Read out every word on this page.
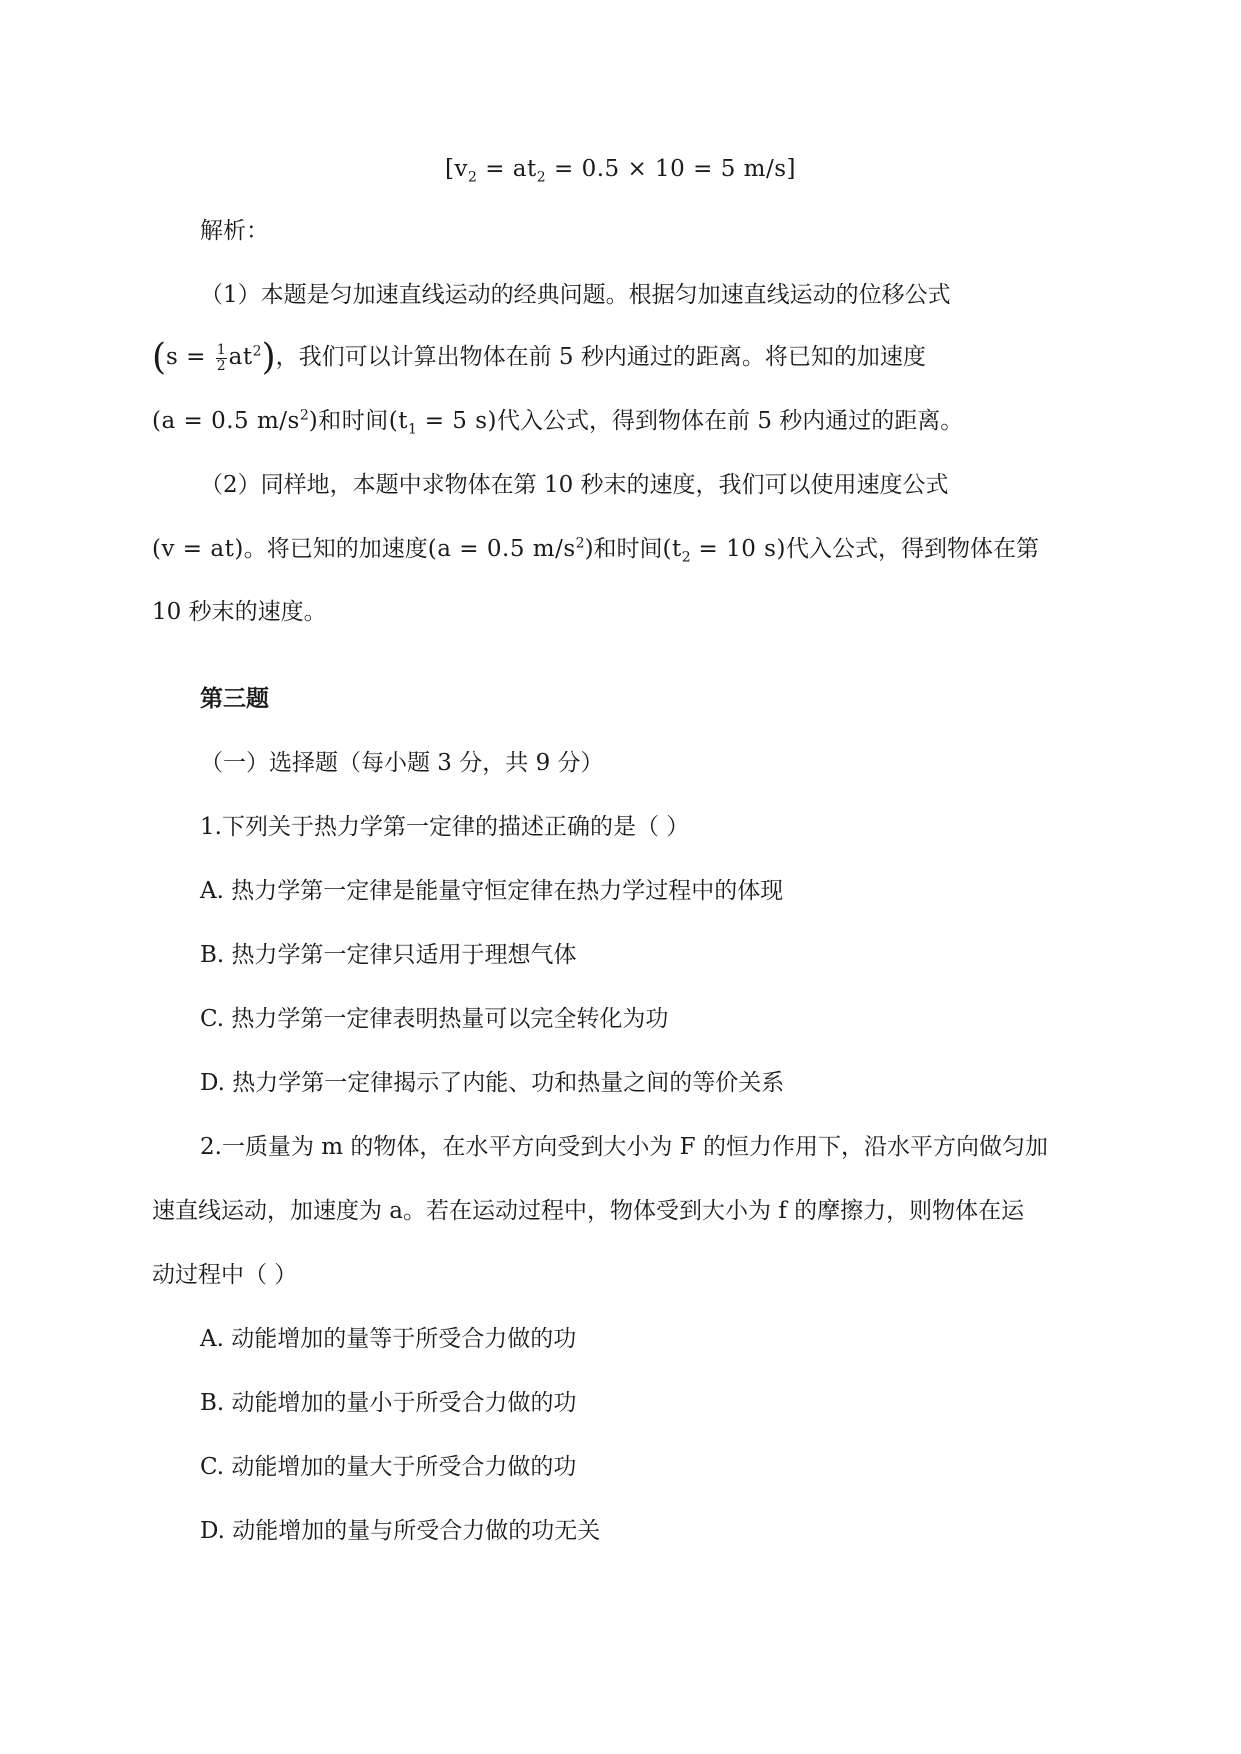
[$v_2 = at_2 = 0.5 \times 10 = 5$ m/s]
解析：
（1）本题是匀加速直线运动的经典问题。根据匀加速直线运动的位移公式
$(s = \frac{1}{2} at^2)$，我们可以计算出物体在前 5 秒内通过的距离。将已知的加速度
(a = 0.5 $m/s^2$)和时间($t_1 = 5$ s)代入公式，得到物体在前 5 秒内通过的距离。
（2）同样地，本题中求物体在第 10 秒末的速度，我们可以使用速度公式
(v = at)。将已知的加速度(a = 0.5 $m/s^2$)和时间($t_2 = 10$ s)代入公式，得到物体在第
10 秒末的速度。
第三题
（一）选择题（每小题 3 分，共 9 分）
1.下列关于热力学第一定律的描述正确的是（ ）
A. 热力学第一定律是能量守恒定律在热力学过程中的体现
B. 热力学第一定律只适用于理想气体
C. 热力学第一定律表明热量可以完全转化为功
D. 热力学第一定律揭示了内能、功和热量之间的等价关系
2.一质量为 m 的物体，在水平方向受到大小为 F 的恒力作用下，沿水平方向做匀加
速直线运动，加速度为 a。若在运动过程中，物体受到大小为 f 的摩擦力，则物体在运
动过程中（ ）
A. 动能增加的量等于所受合力做的功
B. 动能增加的量小于所受合力做的功
C. 动能增加的量大于所受合力做的功
D. 动能增加的量与所受合力做的功无关
